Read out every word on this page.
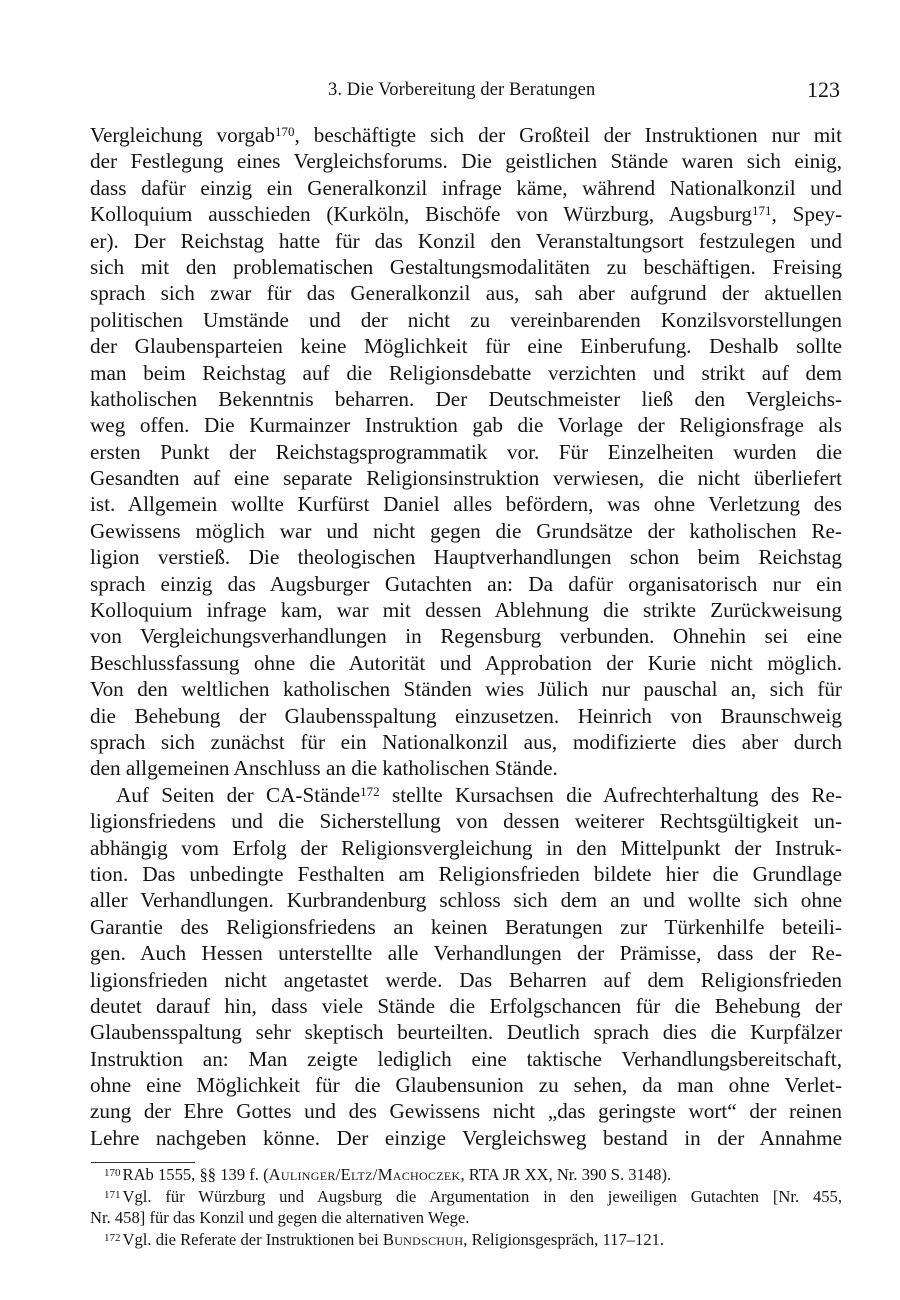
3. Die Vorbereitung der Beratungen	123
Vergleichung vorgab$^{170}$, beschäftigte sich der Großteil der Instruktionen nur mit
der Festlegung eines Vergleichsforums. Die geistlichen Stände waren sich einig,
dass dafür einzig ein Generalkonzil infrage käme, während Nationalkonzil und
Kolloquium ausschieden (Kurköln, Bischöfe von Würzburg, Augsburg$^{171}$, Spey-
er). Der Reichstag hatte für das Konzil den Veranstaltungsort festzulegen und
sich mit den problematischen Gestaltungsmodalitäten zu beschäftigen. Freising
sprach sich zwar für das Generalkonzil aus, sah aber aufgrund der aktuellen
politischen Umstände und der nicht zu vereinbarenden Konzilsvorstellungen
der Glaubensparteien keine Möglichkeit für eine Einberufung. Deshalb sollte
man beim Reichstag auf die Religionsdebatte verzichten und strikt auf dem
katholischen Bekenntnis beharren. Der Deutschmeister ließ den Vergleichs-
weg offen. Die Kurmainzer Instruktion gab die Vorlage der Religionsfrage als
ersten Punkt der Reichstagsprogrammatik vor. Für Einzelheiten wurden die
Gesandten auf eine separate Religionsinstruktion verwiesen, die nicht überliefert
ist. Allgemein wollte Kurfürst Daniel alles befördern, was ohne Verletzung des
Gewissens möglich war und nicht gegen die Grundsätze der katholischen Re-
ligion verstieß. Die theologischen Hauptverhandlungen schon beim Reichstag
sprach einzig das Augsburger Gutachten an: Da dafür organisatorisch nur ein
Kolloquium infrage kam, war mit dessen Ablehnung die strikte Zurückweisung
von Vergleichungsverhandlungen in Regensburg verbunden. Ohnehin sei eine
Beschlussfassung ohne die Autorität und Approbation der Kurie nicht möglich.
Von den weltlichen katholischen Ständen wies Jülich nur pauschal an, sich für
die Behebung der Glaubensspaltung einzusetzen. Heinrich von Braunschweig
sprach sich zunächst für ein Nationalkonzil aus, modifizierte dies aber durch
den allgemeinen Anschluss an die katholischen Stände.
Auf Seiten der CA-Stände$^{172}$ stellte Kursachsen die Aufrechterhaltung des Re-
ligionsfriedens und die Sicherstellung von dessen weiterer Rechtsgültigkeit un-
abhängig vom Erfolg der Religionsvergleichung in den Mittelpunkt der Instruk-
tion. Das unbedingte Festhalten am Religionsfrieden bildete hier die Grundlage
aller Verhandlungen. Kurbrandenburg schloss sich dem an und wollte sich ohne
Garantie des Religionsfriedens an keinen Beratungen zur Türkenhilfe beteili-
gen. Auch Hessen unterstellte alle Verhandlungen der Prämisse, dass der Re-
ligionsfrieden nicht angetastet werde. Das Beharren auf dem Religionsfrieden
deutet darauf hin, dass viele Stände die Erfolgschancen für die Behebung der
Glaubensspaltung sehr skeptisch beurteilten. Deutlich sprach dies die Kurpfälzer
Instruktion an: Man zeigte lediglich eine taktische Verhandlungsbereitschaft,
ohne eine Möglichkeit für die Glaubensunion zu sehen, da man ohne Verlet-
zung der Ehre Gottes und des Gewissens nicht „das geringste wort“ der reinen
Lehre nachgeben könne. Der einzige Vergleichsweg bestand in der Annahme
$^{170}$ RAb 1555, §§ 139 f. (Aulinger/Eltz/Machoczek, RTA JR XX, Nr. 390 S. 3148).
$^{171}$ Vgl. für Würzburg und Augsburg die Argumentation in den jeweiligen Gutachten [Nr. 455,
Nr. 458] für das Konzil und gegen die alternativen Wege.
$^{172}$ Vgl. die Referate der Instruktionen bei Bundschuh, Religionsgespräch, 117–121.
